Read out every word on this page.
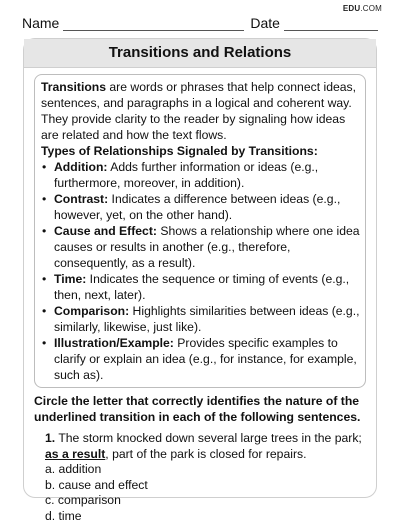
EDU.COM
Name	Date
Transitions and Relations

Transitions are words or phrases that help connect ideas, sentences, and paragraphs in a logical and coherent way. They provide clarity to the reader by signaling how ideas are related and how the text flows.

Types of Relationships Signaled by Transitions:

• Addition: Adds further information or ideas (e.g., furthermore, moreover, in addition).
• Contrast: Indicates a difference between ideas (e.g., however, yet, on the other hand).
• Cause and Effect: Shows a relationship where one idea causes or results in another (e.g., therefore, consequently, as a result).
• Time: Indicates the sequence or timing of events (e.g., then, next, later).
• Comparison: Highlights similarities between ideas (e.g., similarly, likewise, just like).
• Illustration/Example: Provides specific examples to clarify or explain an idea (e.g., for instance, for example, such as).
Circle the letter that correctly identifies the nature of the underlined transition in each of the following sentences.
1. The storm knocked down several large trees in the park; as a result, part of the park is closed for repairs.
a. addition
b. cause and effect
c. comparison
d. time
